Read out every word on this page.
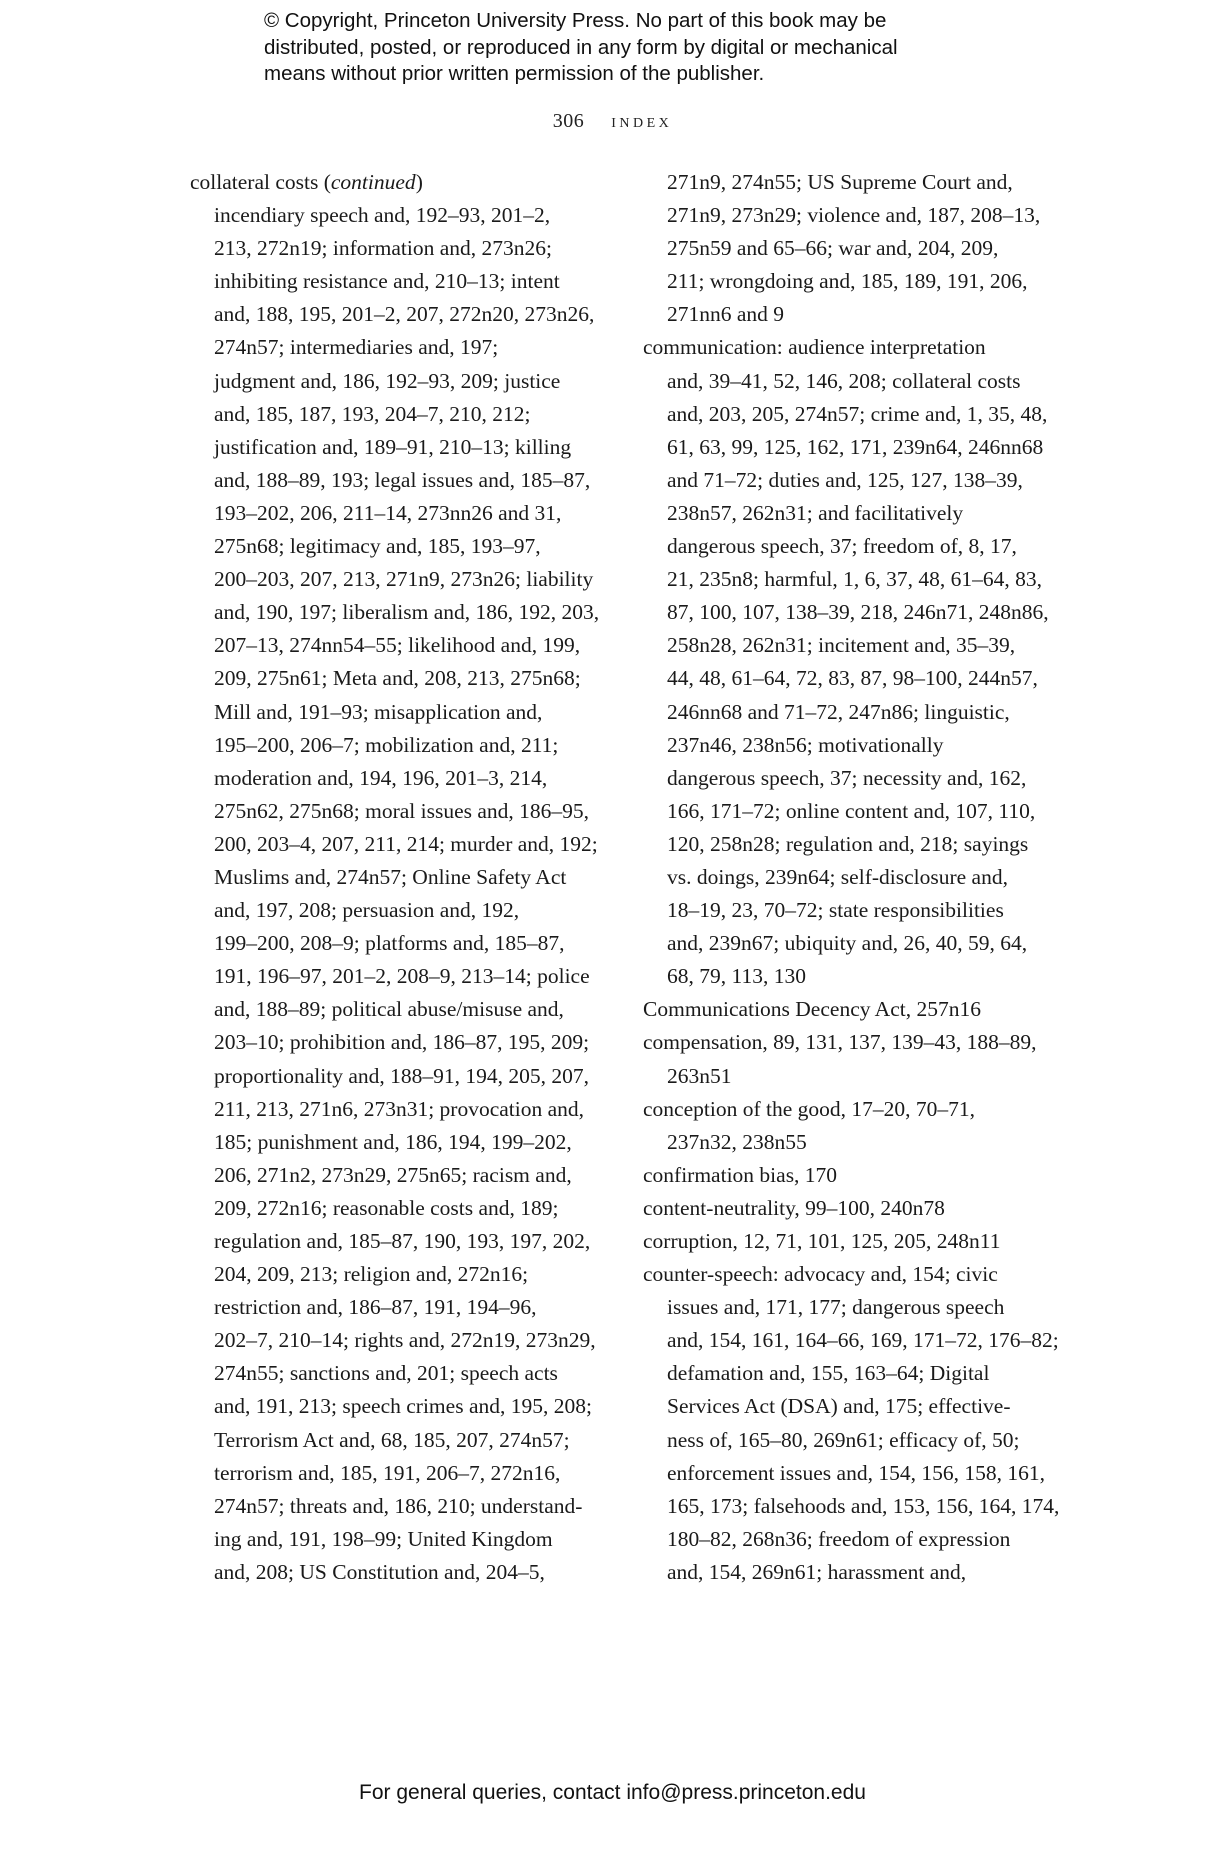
© Copyright, Princeton University Press. No part of this book may be
distributed, posted, or reproduced in any form by digital or mechanical
means without prior written permission of the publisher.
306 index
collateral costs (continued)
incendiary speech and, 192–93, 201–2,
213, 272n19; information and, 273n26;
inhibiting resistance and, 210–13; intent
and, 188, 195, 201–2, 207, 272n20, 273n26,
274n57; intermediaries and, 197;
judgment and, 186, 192–93, 209; justice
and, 185, 187, 193, 204–7, 210, 212;
justification and, 189–91, 210–13; killing
and, 188–89, 193; legal issues and, 185–87,
193–202, 206, 211–14, 273nn26 and 31,
275n68; legitimacy and, 185, 193–97,
200–203, 207, 213, 271n9, 273n26; liability
and, 190, 197; liberalism and, 186, 192, 203,
207–13, 274nn54–55; likelihood and, 199,
209, 275n61; Meta and, 208, 213, 275n68;
Mill and, 191–93; misapplication and,
195–200, 206–7; mobilization and, 211;
moderation and, 194, 196, 201–3, 214,
275n62, 275n68; moral issues and, 186–95,
200, 203–4, 207, 211, 214; murder and, 192;
Muslims and, 274n57; Online Safety Act
and, 197, 208; persuasion and, 192,
199–200, 208–9; platforms and, 185–87,
191, 196–97, 201–2, 208–9, 213–14; police
and, 188–89; political abuse/misuse and,
203–10; prohibition and, 186–87, 195, 209;
proportionality and, 188–91, 194, 205, 207,
211, 213, 271n6, 273n31; provocation and,
185; punishment and, 186, 194, 199–202,
206, 271n2, 273n29, 275n65; racism and,
209, 272n16; reasonable costs and, 189;
regulation and, 185–87, 190, 193, 197, 202,
204, 209, 213; religion and, 272n16;
restriction and, 186–87, 191, 194–96,
202–7, 210–14; rights and, 272n19, 273n29,
274n55; sanctions and, 201; speech acts
and, 191, 213; speech crimes and, 195, 208;
Terrorism Act and, 68, 185, 207, 274n57;
terrorism and, 185, 191, 206–7, 272n16,
274n57; threats and, 186, 210; understand-
ing and, 191, 198–99; United Kingdom
and, 208; US Constitution and, 204–5,
271n9, 274n55; US Supreme Court and,
271n9, 273n29; violence and, 187, 208–13,
275n59 and 65–66; war and, 204, 209,
211; wrongdoing and, 185, 189, 191, 206,
271nn6 and 9
communication: audience interpretation
and, 39–41, 52, 146, 208; collateral costs
and, 203, 205, 274n57; crime and, 1, 35, 48,
61, 63, 99, 125, 162, 171, 239n64, 246nn68
and 71–72; duties and, 125, 127, 138–39,
238n57, 262n31; and facilitatively
dangerous speech, 37; freedom of, 8, 17,
21, 235n8; harmful, 1, 6, 37, 48, 61–64, 83,
87, 100, 107, 138–39, 218, 246n71, 248n86,
258n28, 262n31; incitement and, 35–39,
44, 48, 61–64, 72, 83, 87, 98–100, 244n57,
246nn68 and 71–72, 247n86; linguistic,
237n46, 238n56; motivationally
dangerous speech, 37; necessity and, 162,
166, 171–72; online content and, 107, 110,
120, 258n28; regulation and, 218; sayings
vs. doings, 239n64; self-disclosure and,
18–19, 23, 70–72; state responsibilities
and, 239n67; ubiquity and, 26, 40, 59, 64,
68, 79, 113, 130
Communications Decency Act, 257n16
compensation, 89, 131, 137, 139–43, 188–89,
263n51
conception of the good, 17–20, 70–71,
237n32, 238n55
confirmation bias, 170
content-neutrality, 99–100, 240n78
corruption, 12, 71, 101, 125, 205, 248n11
counter-speech: advocacy and, 154; civic
issues and, 171, 177; dangerous speech
and, 154, 161, 164–66, 169, 171–72, 176–82;
defamation and, 155, 163–64; Digital
Services Act (DSA) and, 175; effective-
ness of, 165–80, 269n61; efficacy of, 50;
enforcement issues and, 154, 156, 158, 161,
165, 173; falsehoods and, 153, 156, 164, 174,
180–82, 268n36; freedom of expression
and, 154, 269n61; harassment and,
For general queries, contact info@press.princeton.edu
